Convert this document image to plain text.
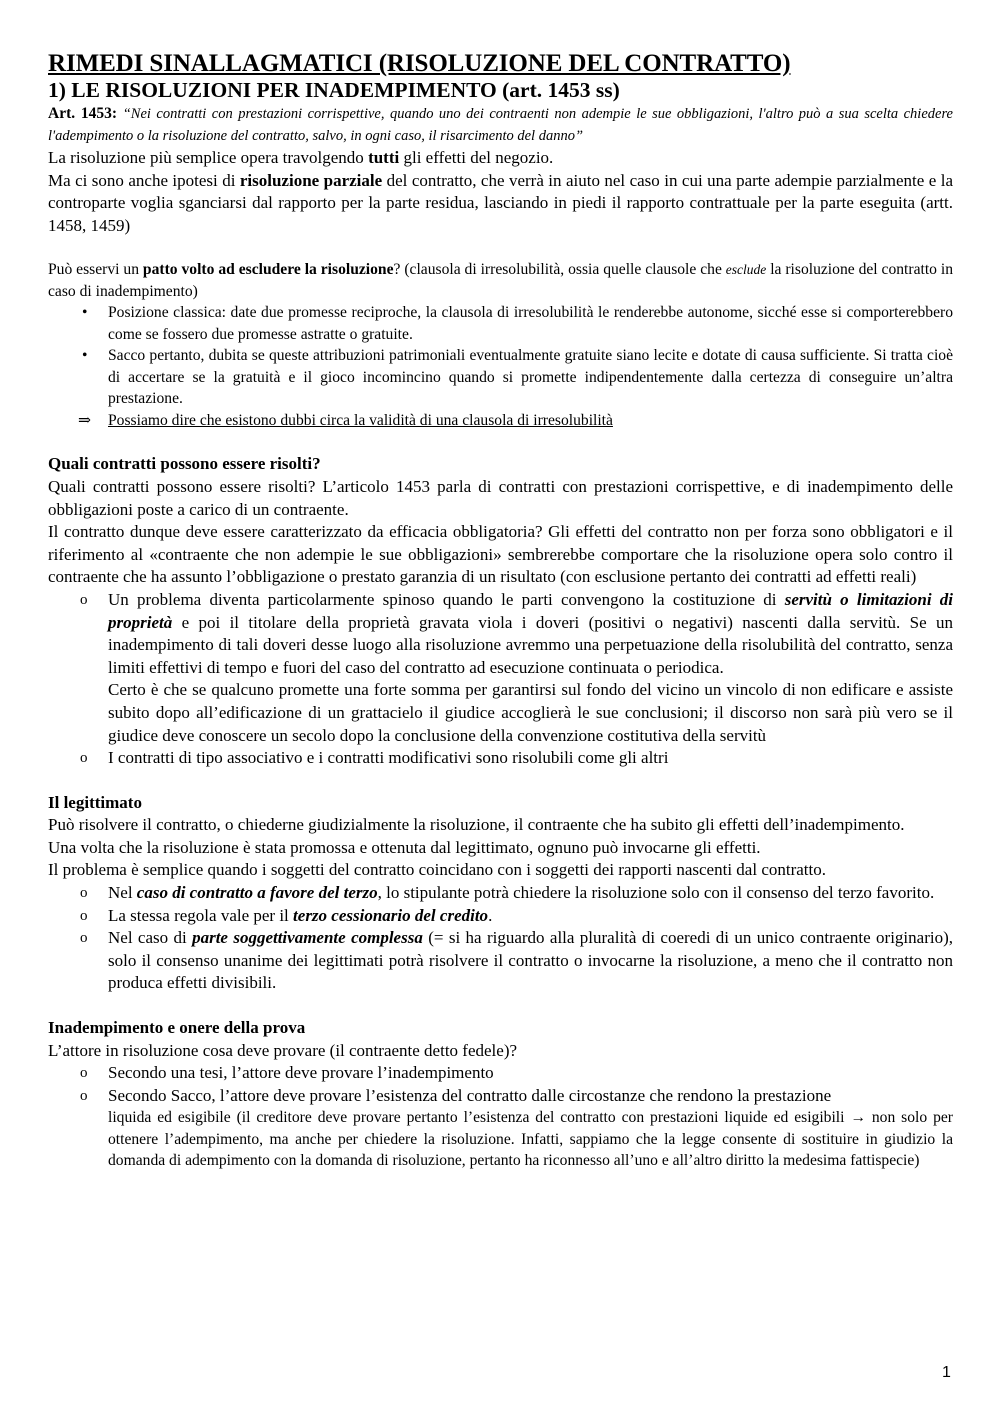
RIMEDI SINALLAGMATICI (RISOLUZIONE DEL CONTRATTO)

1) LE RISOLUZIONI PER INADEMPIMENTO (art. 1453 ss)

Art. 1453: “Nei contratti con prestazioni corrispettive, quando uno dei contraenti non adempie le sue obbligazioni, l'altro può a sua scelta chiedere l'adempimento o la risoluzione del contratto, salvo, in ogni caso, il risarcimento del danno”

La risoluzione più semplice opera travolgendo tutti gli effetti del negozio.

Ma ci sono anche ipotesi di risoluzione parziale del contratto, che verrà in aiuto nel caso in cui una parte adempie parzialmente e la controparte voglia sganciarsi dal rapporto per la parte residua, lasciando in piedi il rapporto contrattuale per la parte eseguita (artt. 1458, 1459)

Può esservi un patto volto ad escludere la risoluzione? (clausola di irresolubilità, ossia quelle clausole che esclude la risoluzione del contratto in caso di inadempimento)

• Posizione classica: date due promesse reciproche, la clausola di irresolubilità le renderebbe autonome, sicché esse si comporterebbero come se fossero due promesse astratte o gratuite.

• Sacco pertanto, dubita se queste attribuzioni patrimoniali eventualmente gratuite siano lecite e dotate di causa sufficiente. Si tratta cioè di accertare se la gratuità e il gioco incomincino quando si promette indipendentemente dalla certezza di conseguire un’altra prestazione.

⇒ Possiamo dire che esistono dubbi circa la validità di una clausola di irresolubilità

Quali contratti possono essere risolti?

Quali contratti possono essere risolti? L’articolo 1453 parla di contratti con prestazioni corrispettive, e di inadempimento delle obbligazioni poste a carico di un contraente.

Il contratto dunque deve essere caratterizzato da efficacia obbligatoria? Gli effetti del contratto non per forza sono obbligatori e il riferimento al «contraente che non adempie le sue obbligazioni» sembrerebbe comportare che la risoluzione opera solo contro il contraente che ha assunto l’obbligazione o prestato garanzia di un risultato (con esclusione pertanto dei contratti ad effetti reali)

o Un problema diventa particolarmente spinoso quando le parti convengono la costituzione di servitù o limitazioni di proprietà e poi il titolare della proprietà gravata viola i doveri (positivi o negativi) nascenti dalla servitù. Se un inadempimento di tali doveri desse luogo alla risoluzione avremmo una perpetuazione della risolubilità del contratto, senza limiti effettivi di tempo e fuori del caso del contratto ad esecuzione continuata o periodica.

Certo è che se qualcuno promette una forte somma per garantirsi sul fondo del vicino un vincolo di non edificare e assiste subito dopo all’edificazione di un grattacielo il giudice accoglierà le sue conclusioni; il discorso non sarà più vero se il giudice deve conoscere un secolo dopo la conclusione della convenzione costitutiva della servitù

o I contratti di tipo associativo e i contratti modificativi sono risolubili come gli altri

Il legittimato

Può risolvere il contratto, o chiederne giudizialmente la risoluzione, il contraente che ha subito gli effetti dell’inadempimento.

Una volta che la risoluzione è stata promossa e ottenuta dal legittimato, ognuno può invocarne gli effetti.

Il problema è semplice quando i soggetti del contratto coincidano con i soggetti dei rapporti nascenti dal contratto.

o Nel caso di contratto a favore del terzo, lo stipulante potrà chiedere la risoluzione solo con il consenso del terzo favorito.

o La stessa regola vale per il terzo cessionario del credito.

o Nel caso di parte soggettivamente complessa (= si ha riguardo alla pluralità di coeredi di un unico contraente originario), solo il consenso unanime dei legittimati potrà risolvere il contratto o invocarne la risoluzione, a meno che il contratto non produca effetti divisibili.

Inadempimento e onere della prova

L’attore in risoluzione cosa deve provare (il contraente detto fedele)?

o Secondo una tesi, l’attore deve provare l’inadempimento

o Secondo Sacco, l’attore deve provare l’esistenza del contratto dalle circostanze che rendono la prestazione

liquida ed esigibile (il creditore deve provare pertanto l’esistenza del contratto con prestazioni liquide ed esigibili → non solo per ottenere l’adempimento, ma anche per chiedere la risoluzione. Infatti, sappiamo che la legge consente di sostituire in giudizio la domanda di adempimento con la domanda di risoluzione, pertanto ha riconnesso all’uno e all’altro diritto la medesima fattispecie)

1
